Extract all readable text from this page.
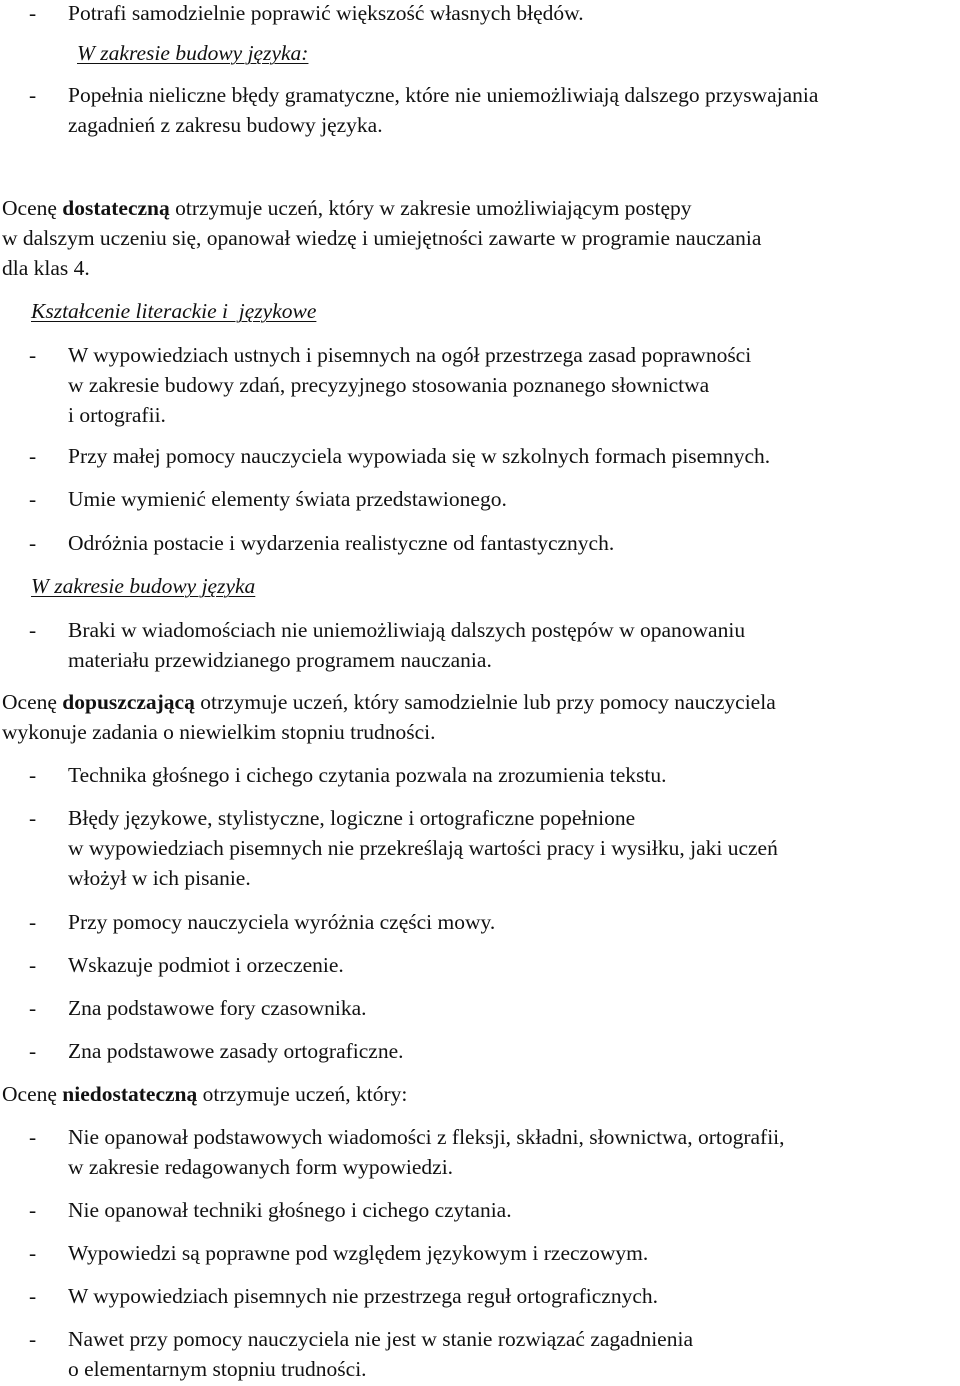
- Potrafi samodzielnie poprawić większość własnych błędów.
W zakresie budowy języka:
- Popełnia nieliczne błędy gramatyczne, które nie uniemożliwiają dalszego przyswajania
zagadnień z zakresu budowy języka.
Ocenę dostateczną otrzymuje uczeń, który w zakresie umożliwiającym postępy
w dalszym uczeniu się, opanował wiedzę i umiejętności zawarte w programie nauczania
dla klas 4.
Kształcenie literackie i  językowe
- W wypowiedziach ustnych i pisemnych na ogół przestrzega zasad poprawności
w zakresie budowy zdań, precyzyjnego stosowania poznanego słownictwa
i ortografii.
- Przy małej pomocy nauczyciela wypowiada się w szkolnych formach pisemnych.
- Umie wymienić elementy świata przedstawionego.
- Odróżnia postacie i wydarzenia realistyczne od fantastycznych.
W zakresie budowy języka
- Braki w wiadomościach nie uniemożliwiają dalszych postępów w opanowaniu
materiału przewidzianego programem nauczania.
Ocenę dopuszczającą otrzymuje uczeń, który samodzielnie lub przy pomocy nauczyciela
wykonuje zadania o niewielkim stopniu trudności.
- Technika głośnego i cichego czytania pozwala na zrozumienia tekstu.
- Błędy językowe, stylistyczne, logiczne i ortograficzne popełnione
w wypowiedziach pisemnych nie przekreślają wartości pracy i wysiłku, jaki uczeń
włożył w ich pisanie.
- Przy pomocy nauczyciela wyróżnia części mowy.
- Wskazuje podmiot i orzeczenie.
- Zna podstawowe fory czasownika.
- Zna podstawowe zasady ortograficzne.
Ocenę niedostateczną otrzymuje uczeń, który:
- Nie opanował podstawowych wiadomości z fleksji, składni, słownictwa, ortografii,
w zakresie redagowanych form wypowiedzi.
- Nie opanował techniki głośnego i cichego czytania.
- Wypowiedzi są poprawne pod względem językowym i rzeczowym.
- W wypowiedziach pisemnych nie przestrzega reguł ortograficznych.
- Nawet przy pomocy nauczyciela nie jest w stanie rozwiązać zagadnienia
o elementarnym stopniu trudności.
